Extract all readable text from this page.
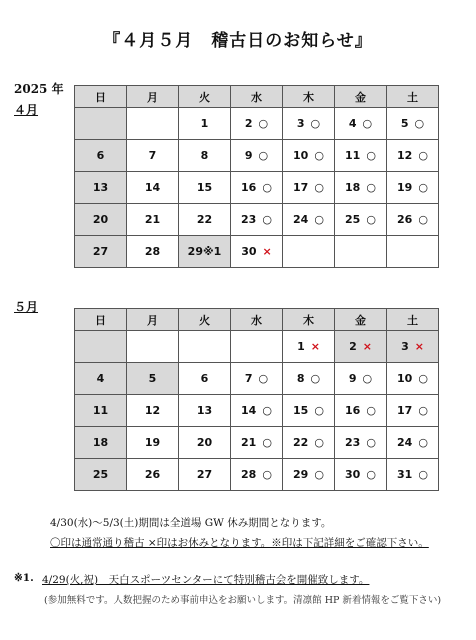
『４月５月　稽古日のお知らせ』
2025 年
４月
５月
日	月	火	水	木	金	土
		1	2 ○	3 ○	4 ○	5 ○
6	7	8	9 ○	10 ○	11 ○	12 ○
13	14	15	16 ○	17 ○	18 ○	19 ○
20	21	22	23 ○	24 ○	25 ○	26 ○
27	28	29※1	30 ×			
日	月	火	水	木	金	土
				1 ×	2 ×	3 ×
4	5	6	7 ○	8 ○	9 ○	10 ○
11	12	13	14 ○	15 ○	16 ○	17 ○
18	19	20	21 ○	22 ○	23 ○	24 ○
25	26	27	28 ○	29 ○	30 ○	31 ○
4/30(水)～5/3(土)期間は全道場 GW 休み期間となります。
〇印は通常通り稽古 ×印はお休みとなります。※印は下記詳細をご確認下さい。
※1. 4/29(火,祝)　天白スポーツセンターにて特別稽古会を開催致します。
(参加無料です。人数把握のため事前申込をお願いします。清凛館 HP 新着情報をご覧下さい)
